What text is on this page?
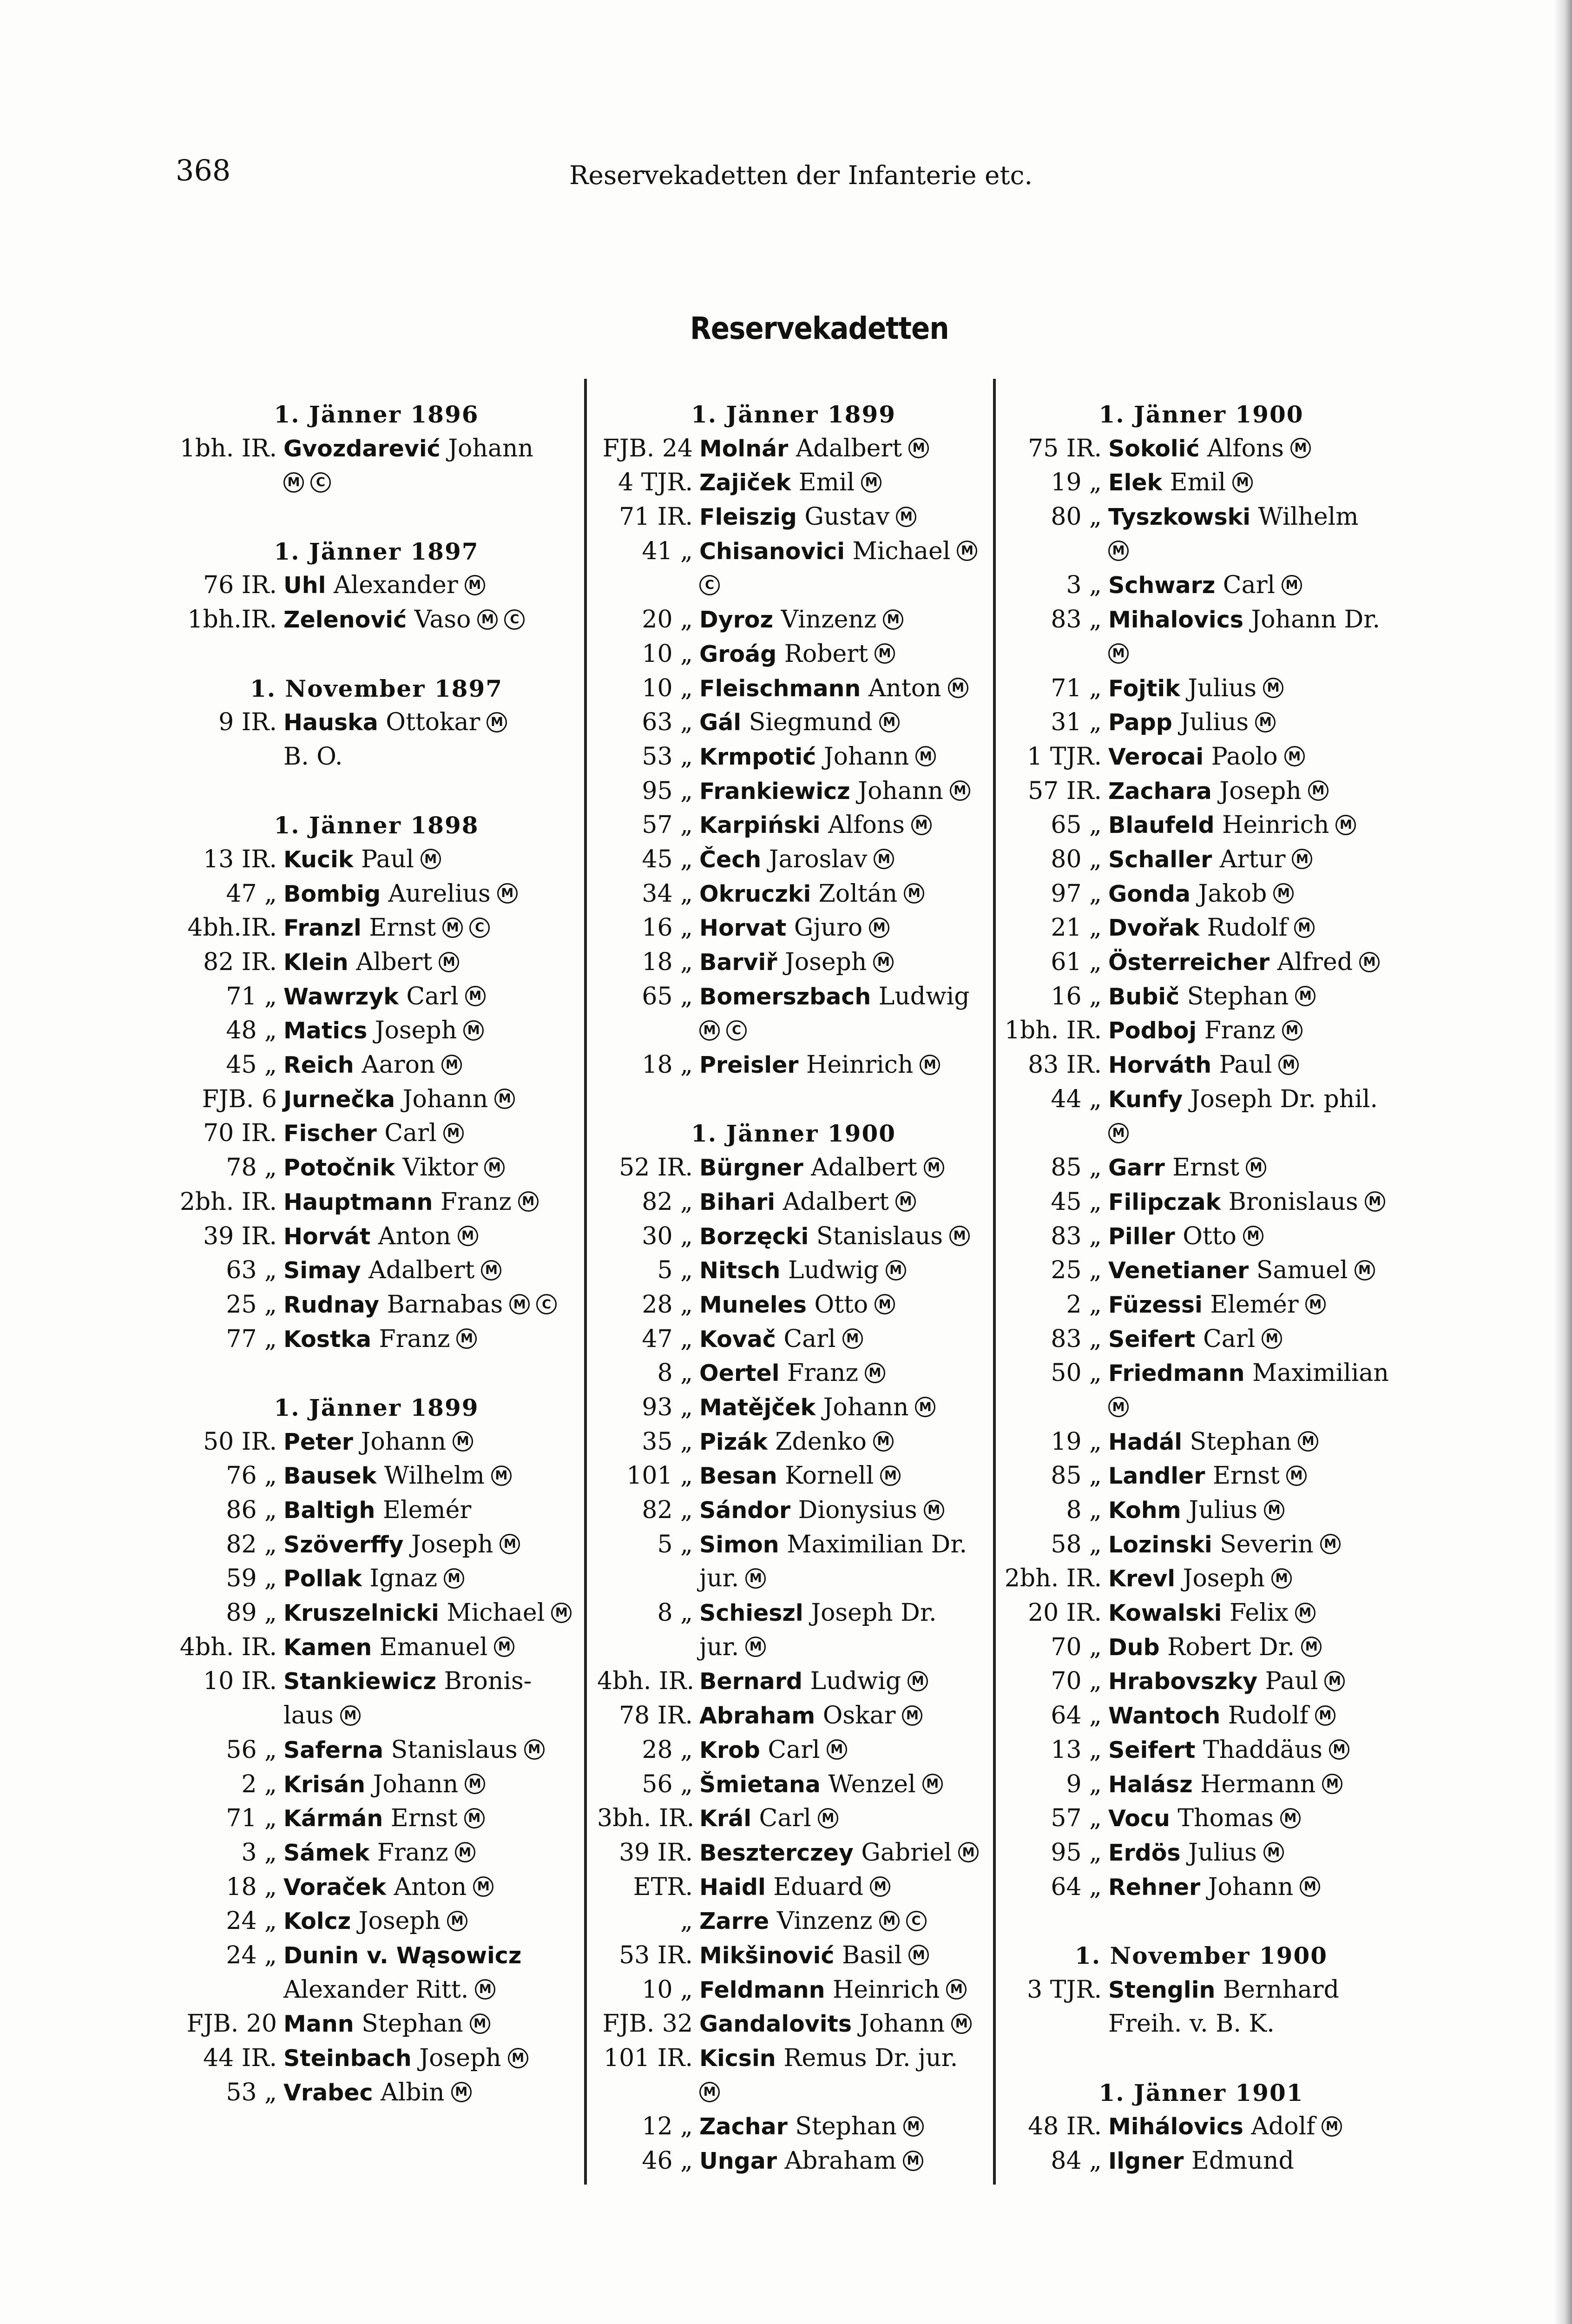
368	Reservekadetten der Infanterie etc.
Reservekadetten
1. Jänner 1896
1bh. IR. Gvozdarević Johann
M C
1. Jänner 1897
76 IR. Uhl Alexander M
1bh.IR. Zelenović Vaso M C
1. November 1897
9 IR. Hauska Ottokar M
B. O.
1. Jänner 1898
13 IR. Kucik Paul M
47 „ Bombig Aurelius M
4bh.IR. Franzl Ernst M C
82 IR. Klein Albert M
71 „ Wawrzyk Carl M
48 „ Matics Joseph M
45 „ Reich Aaron M
FJB. 6 Jurnečka Johann M
70 IR. Fischer Carl M
78 „ Potočnik Viktor M
2bh. IR. Hauptmann Franz M
39 IR. Horvát Anton M
63 „ Simay Adalbert M
25 „ Rudnay Barnabas M C
77 „ Kostka Franz M
1. Jänner 1899
50 IR. Peter Johann M
76 „ Bausek Wilhelm M
86 „ Baltigh Elemér
82 „ Szöverffy Joseph M
59 „ Pollak Ignaz M
89 „ Kruszelnicki Michael M
4bh. IR. Kamen Emanuel M
10 IR. Stankiewicz Bronis-
laus M
56 „ Saferna Stanislaus M
2 „ Krisán Johann M
71 „ Kármán Ernst M
3 „ Sámek Franz M
18 „ Voraček Anton M
24 „ Kolcz Joseph M
24 „ Dunin v. Wąsowicz
Alexander Ritt. M
FJB. 20 Mann Stephan M
44 IR. Steinbach Joseph M
53 „ Vrabec Albin M
1. Jänner 1899
FJB. 24 Molnár Adalbert M
4 TJR. Zajiček Emil M
71 IR. Fleiszig Gustav M
41 „ Chisanovici Michael M
C
20 „ Dyroz Vinzenz M
10 „ Groág Robert M
10 „ Fleischmann Anton M
63 „ Gál Siegmund M
53 „ Krmpotić Johann M
95 „ Frankiewicz Johann M
57 „ Karpiński Alfons M
45 „ Čech Jaroslav M
34 „ Okruczki Zoltán M
16 „ Horvat Gjuro M
18 „ Barviř Joseph M
65 „ Bomerszbach Ludwig
M C
18 „ Preisler Heinrich M
1. Jänner 1900
52 IR. Bürgner Adalbert M
82 „ Bihari Adalbert M
30 „ Borzęcki Stanislaus M
5 „ Nitsch Ludwig M
28 „ Muneles Otto M
47 „ Kovač Carl M
8 „ Oertel Franz M
93 „ Matějček Johann M
35 „ Pizák Zdenko M
101 „ Besan Kornell M
82 „ Sándor Dionysius M
5 „ Simon Maximilian Dr.
jur. M
8 „ Schieszl Joseph Dr.
jur. M
4bh. IR. Bernard Ludwig M
78 IR. Abraham Oskar M
28 „ Krob Carl M
56 „ Šmietana Wenzel M
3bh. IR. Král Carl M
39 IR. Beszterczey Gabriel M
ETR. Haidl Eduard M
„ Zarre Vinzenz M C
53 IR. Mikšinović Basil M
10 „ Feldmann Heinrich M
FJB. 32 Gandalovits Johann M
101 IR. Kicsin Remus Dr. jur.
M
12 „ Zachar Stephan M
46 „ Ungar Abraham M
1. Jänner 1900
75 IR. Sokolić Alfons M
19 „ Elek Emil M
80 „ Tyszkowski Wilhelm
M
3 „ Schwarz Carl M
83 „ Mihalovics Johann Dr.
M
71 „ Fojtik Julius M
31 „ Papp Julius M
1 TJR. Verocai Paolo M
57 IR. Zachara Joseph M
65 „ Blaufeld Heinrich M
80 „ Schaller Artur M
97 „ Gonda Jakob M
21 „ Dvořak Rudolf M
61 „ Österreicher Alfred M
16 „ Bubič Stephan M
1bh. IR. Podboj Franz M
83 IR. Horváth Paul M
44 „ Kunfy Joseph Dr. phil.
M
85 „ Garr Ernst M
45 „ Filipczak Bronislaus M
83 „ Piller Otto M
25 „ Venetianer Samuel M
2 „ Füzessi Elemér M
83 „ Seifert Carl M
50 „ Friedmann Maximilian
M
19 „ Hadál Stephan M
85 „ Landler Ernst M
8 „ Kohm Julius M
58 „ Lozinski Severin M
2bh. IR. Krevl Joseph M
20 IR. Kowalski Felix M
70 „ Dub Robert Dr. M
70 „ Hrabovszky Paul M
64 „ Wantoch Rudolf M
13 „ Seifert Thaddäus M
9 „ Halász Hermann M
57 „ Vocu Thomas M
95 „ Erdös Julius M
64 „ Rehner Johann M
1. November 1900
3 TJR. Stenglin Bernhard
Freih. v. B. K.
1. Jänner 1901
48 IR. Mihálovics Adolf M
84 „ Ilgner Edmund
